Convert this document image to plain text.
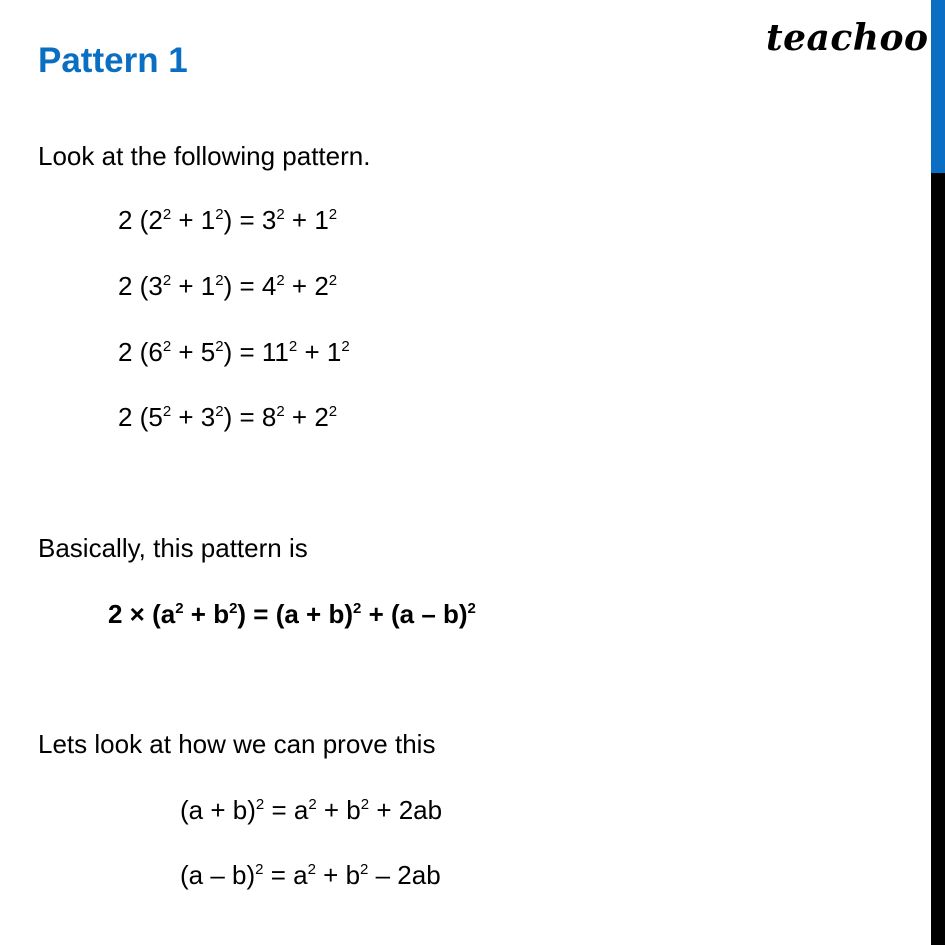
Pattern 1
teachoo
Look at the following pattern.
2 $(2^2 + 1^2) = 3^2 + 1^2$
2 $(3^2 + 1^2) = 4^2 + 2^2$
2 $(6^2 + 5^2) = 11^2 + 1^2$
2 $(5^2 + 3^2) = 8^2 + 2^2$
Basically, this pattern is
$2 \times (a^2 + b^2) = (a + b)^2 + (a - b)^2$
Lets look at how we can prove this
$(a + b)^2 = a^2 + b^2 + 2ab$
$(a - b)^2 = a^2 + b^2 - 2ab$
